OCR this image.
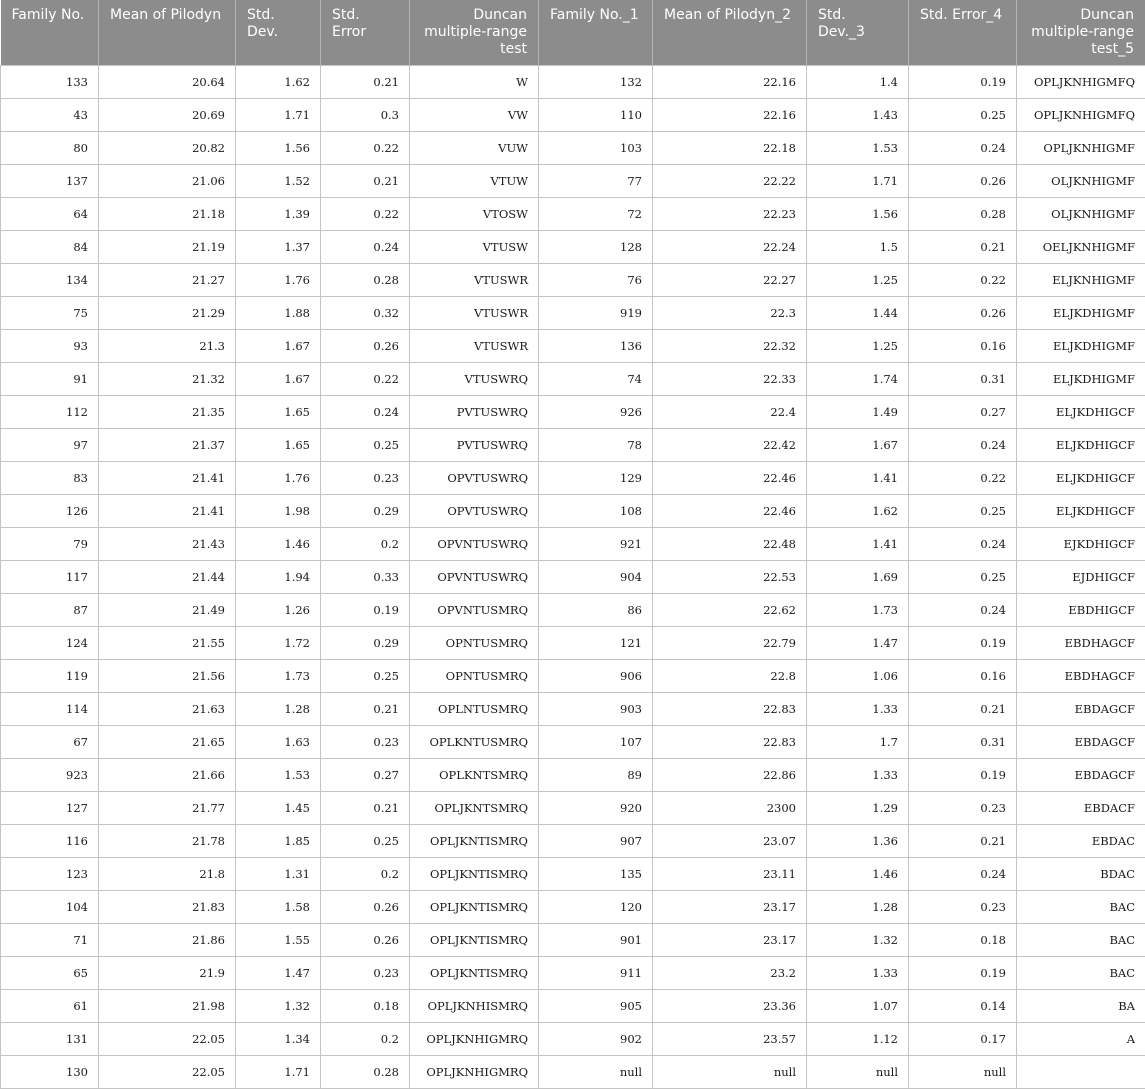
Family No.	Mean of Pilodyn	Std. Dev.	Std. Error	Duncan multiple-range test	Family No._1	Mean of Pilodyn_2	Std. Dev._3	Std. Error_4	Duncan multiple-range test_5
133	20.64	1.62	0.21	W	132	22.16	1.4	0.19	OPLJKNHIGMFQ
43	20.69	1.71	0.3	VW	110	22.16	1.43	0.25	OPLJKNHIGMFQ
80	20.82	1.56	0.22	VUW	103	22.18	1.53	0.24	OPLJKNHIGMF
137	21.06	1.52	0.21	VTUW	77	22.22	1.71	0.26	OLJKNHIGMF
64	21.18	1.39	0.22	VTOSW	72	22.23	1.56	0.28	OLJKNHIGMF
84	21.19	1.37	0.24	VTUSW	128	22.24	1.5	0.21	OELJKNHIGMF
134	21.27	1.76	0.28	VTUSWR	76	22.27	1.25	0.22	ELJKNHIGMF
75	21.29	1.88	0.32	VTUSWR	919	22.3	1.44	0.26	ELJKDHIGMF
93	21.3	1.67	0.26	VTUSWR	136	22.32	1.25	0.16	ELJKDHIGMF
91	21.32	1.67	0.22	VTUSWRQ	74	22.33	1.74	0.31	ELJKDHIGMF
112	21.35	1.65	0.24	PVTUSWRQ	926	22.4	1.49	0.27	ELJKDHIGCF
97	21.37	1.65	0.25	PVTUSWRQ	78	22.42	1.67	0.24	ELJKDHIGCF
83	21.41	1.76	0.23	OPVTUSWRQ	129	22.46	1.41	0.22	ELJKDHIGCF
126	21.41	1.98	0.29	OPVTUSWRQ	108	22.46	1.62	0.25	ELJKDHIGCF
79	21.43	1.46	0.2	OPVNTUSWRQ	921	22.48	1.41	0.24	EJKDHIGCF
117	21.44	1.94	0.33	OPVNTUSWRQ	904	22.53	1.69	0.25	EJDHIGCF
87	21.49	1.26	0.19	OPVNTUSMRQ	86	22.62	1.73	0.24	EBDHIGCF
124	21.55	1.72	0.29	OPNTUSMRQ	121	22.79	1.47	0.19	EBDHAGCF
119	21.56	1.73	0.25	OPNTUSMRQ	906	22.8	1.06	0.16	EBDHAGCF
114	21.63	1.28	0.21	OPLNTUSMRQ	903	22.83	1.33	0.21	EBDAGCF
67	21.65	1.63	0.23	OPLKNTUSMRQ	107	22.83	1.7	0.31	EBDAGCF
923	21.66	1.53	0.27	OPLKNTSMRQ	89	22.86	1.33	0.19	EBDAGCF
127	21.77	1.45	0.21	OPLJKNTSMRQ	920	2300	1.29	0.23	EBDACF
116	21.78	1.85	0.25	OPLJKNTISMRQ	907	23.07	1.36	0.21	EBDAC
123	21.8	1.31	0.2	OPLJKNTISMRQ	135	23.11	1.46	0.24	BDAC
104	21.83	1.58	0.26	OPLJKNTISMRQ	120	23.17	1.28	0.23	BAC
71	21.86	1.55	0.26	OPLJKNTISMRQ	901	23.17	1.32	0.18	BAC
65	21.9	1.47	0.23	OPLJKNTISMRQ	911	23.2	1.33	0.19	BAC
61	21.98	1.32	0.18	OPLJKNHISMRQ	905	23.36	1.07	0.14	BA
131	22.05	1.34	0.2	OPLJKNHIGMRQ	902	23.57	1.12	0.17	A
130	22.05	1.71	0.28	OPLJKNHIGMRQ	null	null	null	null	
